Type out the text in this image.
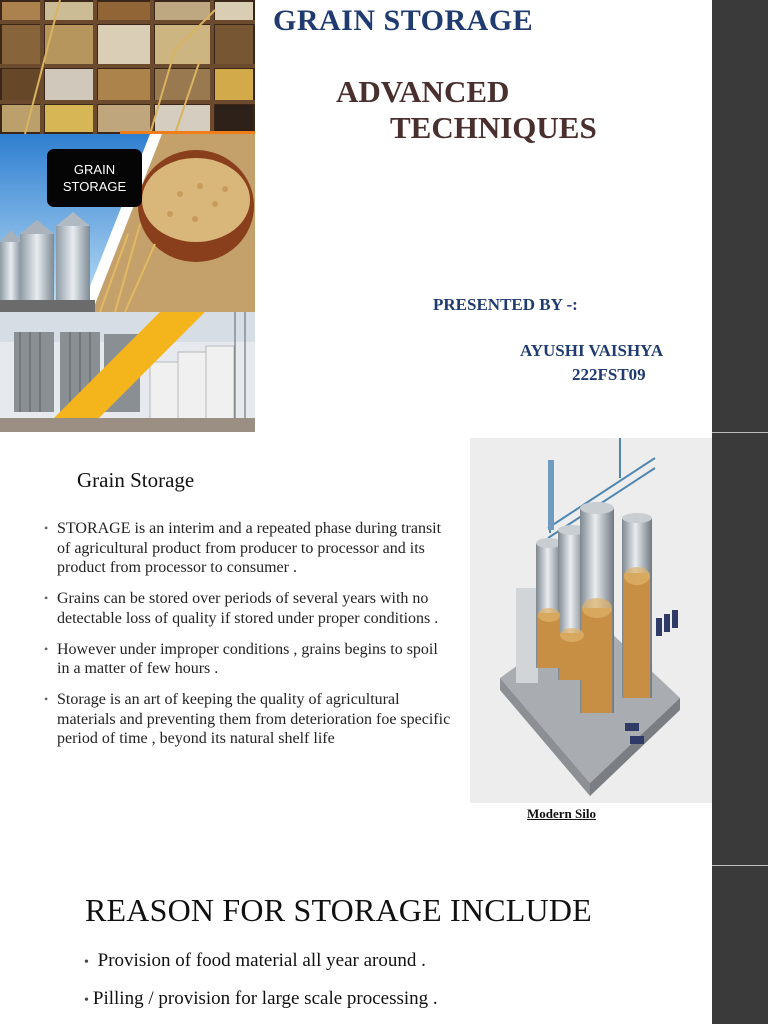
GRAIN
STORAGE
GRAIN STORAGE
ADVANCED
TECHNIQUES
PRESENTED BY -:
AYUSHI VAISHYA
222FST09
Grain Storage
• STORAGE is an interim and a repeated phase during transit of agricultural product from producer to processor and its product from processor to consumer .
• Grains can be stored over periods of several years with no detectable loss of quality if stored under proper conditions .
• However under improper conditions , grains begins to spoil in a matter of few hours .
• Storage is an art of keeping the quality of agricultural materials and preventing them from deterioration foe specific period of time , beyond its natural shelf life
Modern Silo
REASON FOR STORAGE INCLUDE
• Provision of food material all year around .
• Pilling / provision for large scale processing .
